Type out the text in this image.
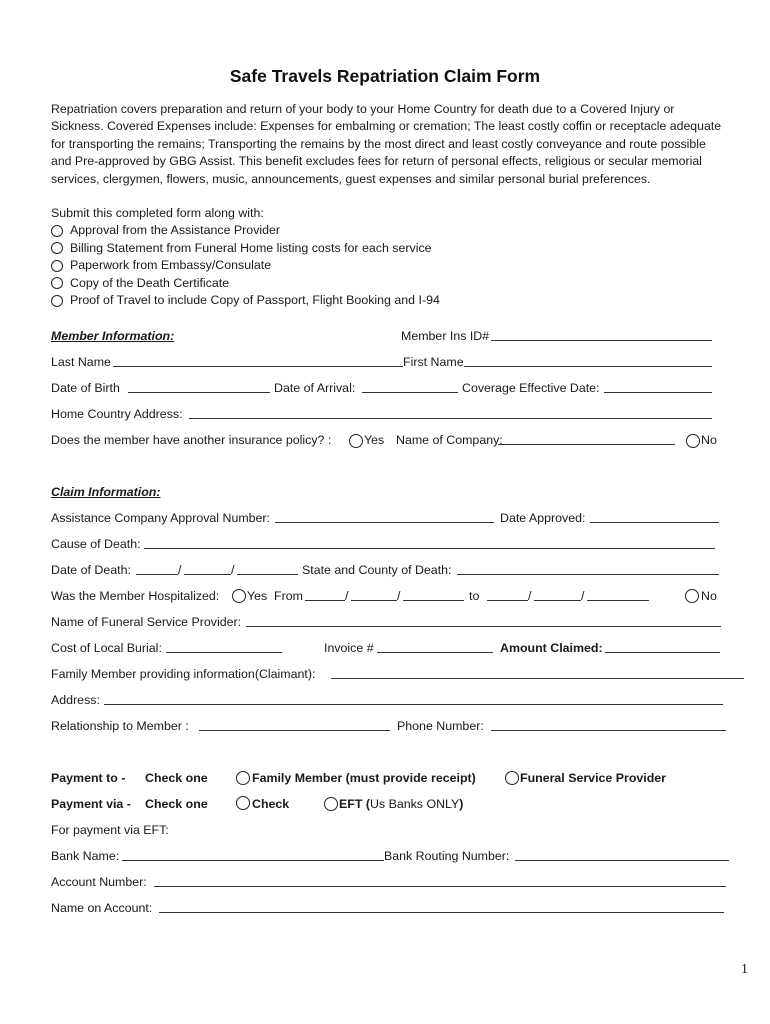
Safe Travels Repatriation Claim Form
Repatriation covers preparation and return of your body to your Home Country for death due to a Covered Injury or
Sickness. Covered Expenses include: Expenses for embalming or cremation; The least costly coffin or receptacle adequate
for transporting the remains; Transporting the remains by the most direct and least costly conveyance and route possible
and Pre-approved by GBG Assist. This benefit excludes fees for return of personal effects, religious or secular memorial
services, clergymen, flowers, music, announcements, guest expenses and similar personal burial preferences.
Submit this completed form along with:
Approval from the Assistance Provider
Billing Statement from Funeral Home listing costs for each service
Paperwork from Embassy/Consulate
Copy of the Death Certificate
Proof of Travel to include Copy of Passport, Flight Booking and I-94
Member Information:	Member Ins ID#
Last Name	First Name
Date of Birth	Date of Arrival:	Coverage Effective Date:
Home Country Address:
Does the member have another insurance policy? :	Yes Name of Company:	No
Claim Information:
Assistance Company Approval Number:	Date Approved:
Cause of Death:
Date of Death:	/	/	State and County of Death:
Was the Member Hospitalized: Yes From	/	/	to	/	/	No
Name of Funeral Service Provider:
Cost of Local Burial:	Invoice #	Amount Claimed:
Family Member providing information(Claimant):
Address:
Relationship to Member :	Phone Number:
Payment to - Check one	Family Member (must provide receipt)	Funeral Service Provider
Payment via - Check one	Check	EFT (Us Banks ONLY)
For payment via EFT:
Bank Name:	Bank Routing Number:
Account Number:
Name on Account:
1
